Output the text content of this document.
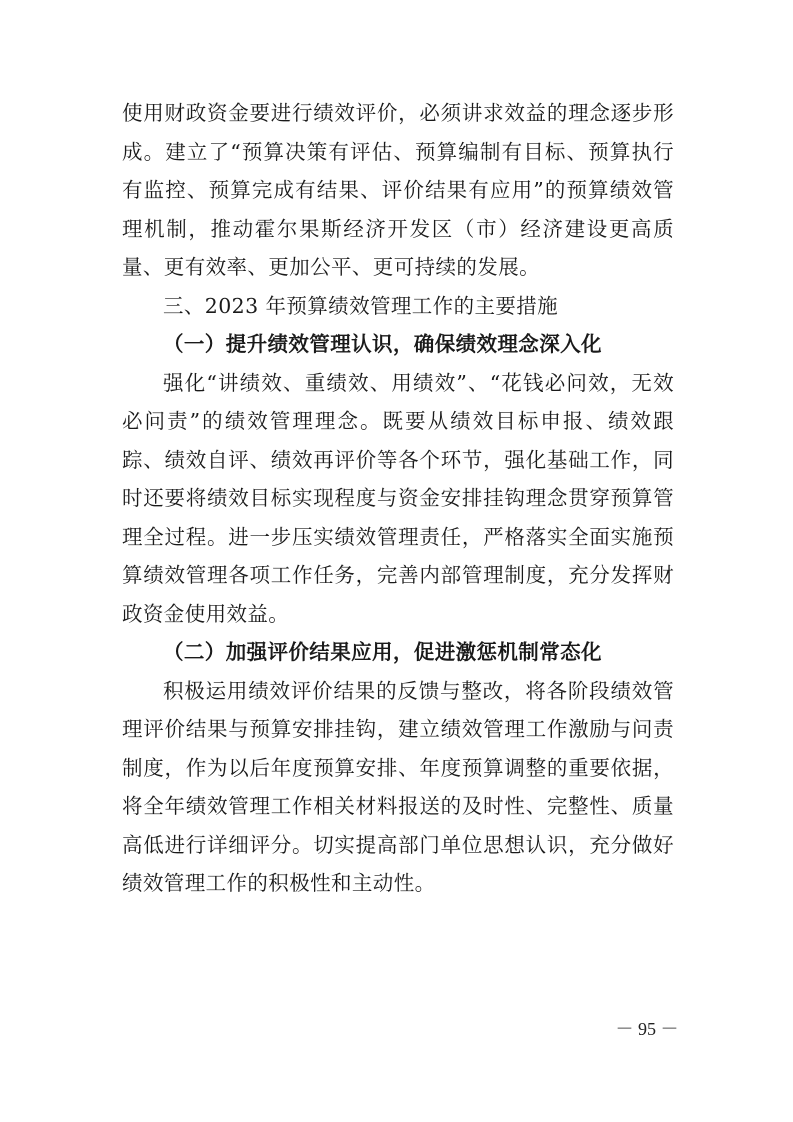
使用财政资金要进行绩效评价，必须讲求效益的理念逐步形成。建立了“预算决策有评估、预算编制有目标、预算执行有监控、预算完成有结果、评价结果有应用”的预算绩效管理机制，推动霍尔果斯经济开发区（市）经济建设更高质量、更有效率、更加公平、更可持续的发展。

三、2023 年预算绩效管理工作的主要措施

（一）提升绩效管理认识，确保绩效理念深入化

强化“讲绩效、重绩效、用绩效”、“花钱必问效，无效必问责”的绩效管理理念。既要从绩效目标申报、绩效跟踪、绩效自评、绩效再评价等各个环节，强化基础工作，同时还要将绩效目标实现程度与资金安排挂钩理念贯穿预算管理全过程。进一步压实绩效管理责任，严格落实全面实施预算绩效管理各项工作任务，完善内部管理制度，充分发挥财政资金使用效益。

（二）加强评价结果应用，促进激惩机制常态化

积极运用绩效评价结果的反馈与整改，将各阶段绩效管理评价结果与预算安排挂钩，建立绩效管理工作激励与问责制度，作为以后年度预算安排、年度预算调整的重要依据，将全年绩效管理工作相关材料报送的及时性、完整性、质量高低进行详细评分。切实提高部门单位思想认识，充分做好绩效管理工作的积极性和主动性。

－ 95 －
